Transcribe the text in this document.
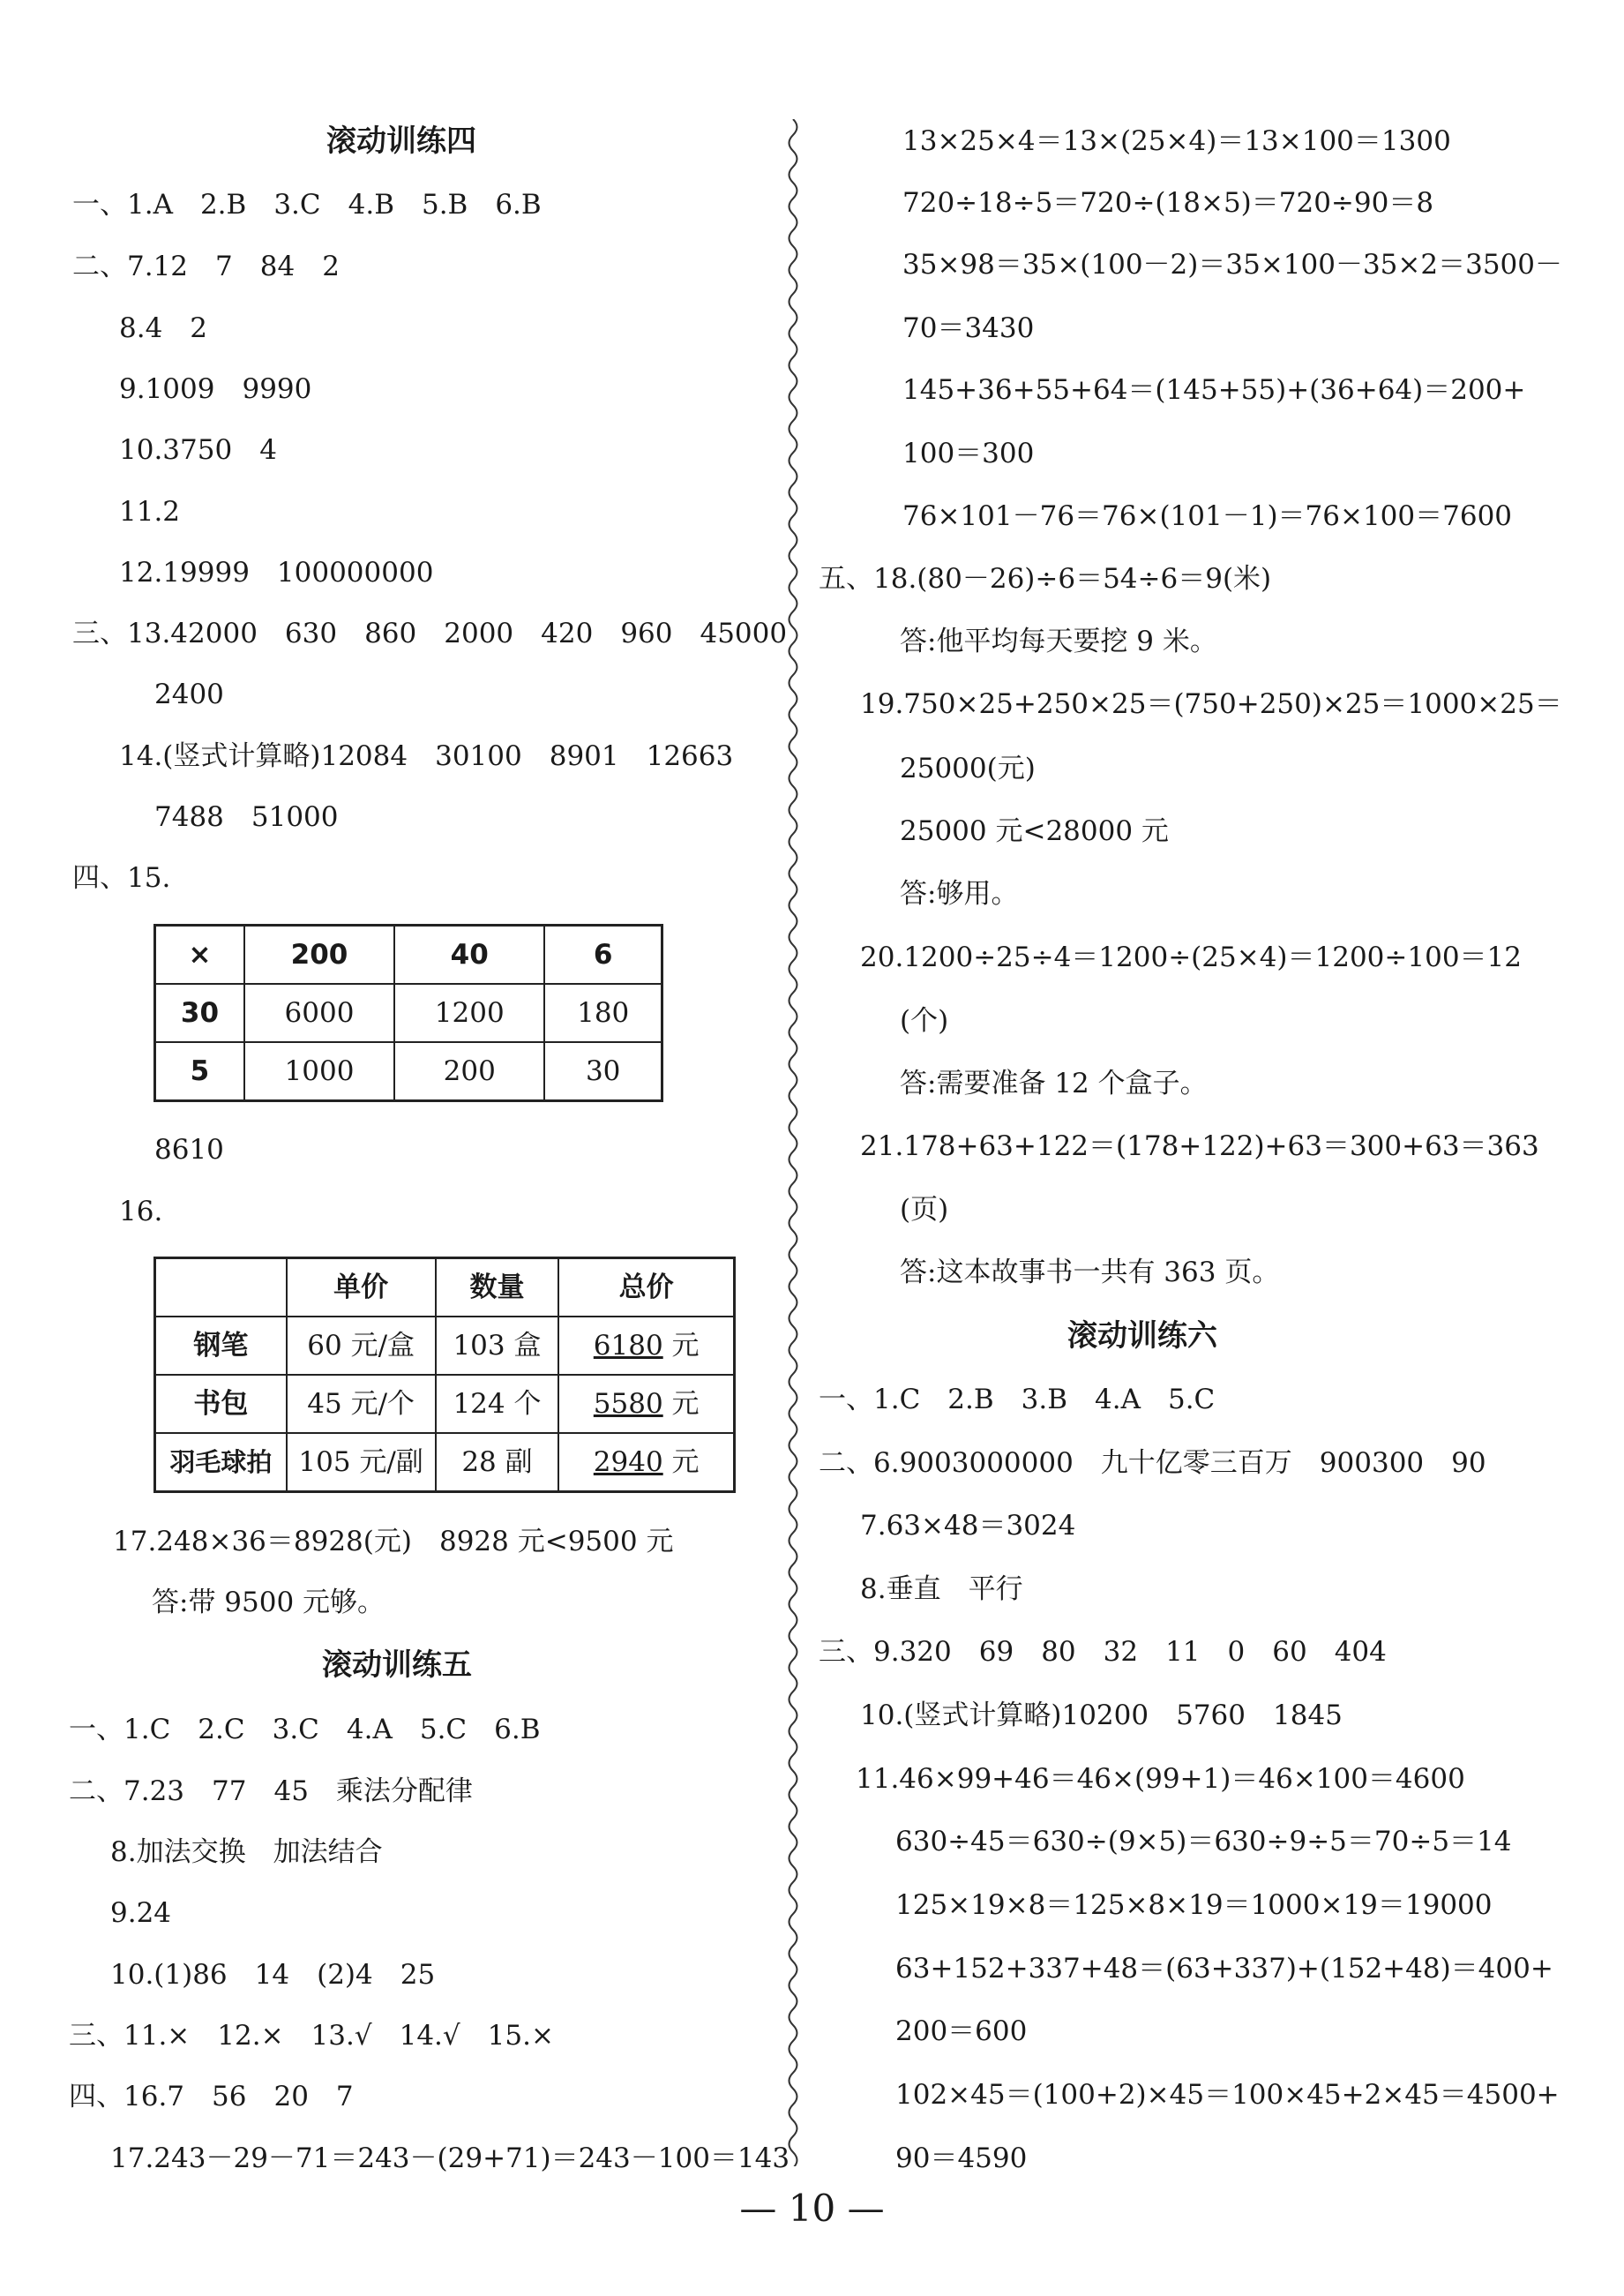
滚动训练四
一、1.A　2.B　3.C　4.B　5.B　6.B
二、7.12　7　84　2
8.4　2
9.1009　9990
10.3750　4
11.2
12.19999　100000000
三、13.42000　630　860　2000　420　960　45000
2400
14.(竖式计算略)12084　30100　8901　12663
7488　51000
四、15.
×	200	40	6
30	6000	1200	180
5	1000	200	30
8610
16.
	单价	数量	总价
钢笔	60 元/盒	103 盒	6180 元
书包	45 元/个	124 个	5580 元
羽毛球拍	105 元/副	28 副	2940 元
17.248×36＝8928(元)　8928 元<9500 元
答:带 9500 元够。
滚动训练五
一、1.C　2.C　3.C　4.A　5.C　6.B
二、7.23　77　45　乘法分配律
8.加法交换　加法结合
9.24
10.(1)86　14　(2)4　25
三、11.×　12.×　13.√　14.√　15.×
四、16.7　56　20　7
17.243－29－71＝243－(29+71)＝243－100＝143
13×25×4＝13×(25×4)＝13×100＝1300
720÷18÷5＝720÷(18×5)＝720÷90＝8
35×98＝35×(100－2)＝35×100－35×2＝3500－
70＝3430
145+36+55+64＝(145+55)+(36+64)＝200+
100＝300
76×101－76＝76×(101－1)＝76×100＝7600
五、18.(80－26)÷6＝54÷6＝9(米)
答:他平均每天要挖 9 米。
19.750×25+250×25＝(750+250)×25＝1000×25＝
25000(元)
25000 元<28000 元
答:够用。
20.1200÷25÷4＝1200÷(25×4)＝1200÷100＝12
(个)
答:需要准备 12 个盒子。
21.178+63+122＝(178+122)+63＝300+63＝363
(页)
答:这本故事书一共有 363 页。
滚动训练六
一、1.C　2.B　3.B　4.A　5.C
二、6.9003000000　九十亿零三百万　900300　90
7.63×48＝3024
8.垂直　平行
三、9.320　69　80　32　11　0　60　404
10.(竖式计算略)10200　5760　1845
11.46×99+46＝46×(99+1)＝46×100＝4600
630÷45＝630÷(9×5)＝630÷9÷5＝70÷5＝14
125×19×8＝125×8×19＝1000×19＝19000
63+152+337+48＝(63+337)+(152+48)＝400+
200＝600
102×45＝(100+2)×45＝100×45+2×45＝4500+
90＝4590
— 10 —
